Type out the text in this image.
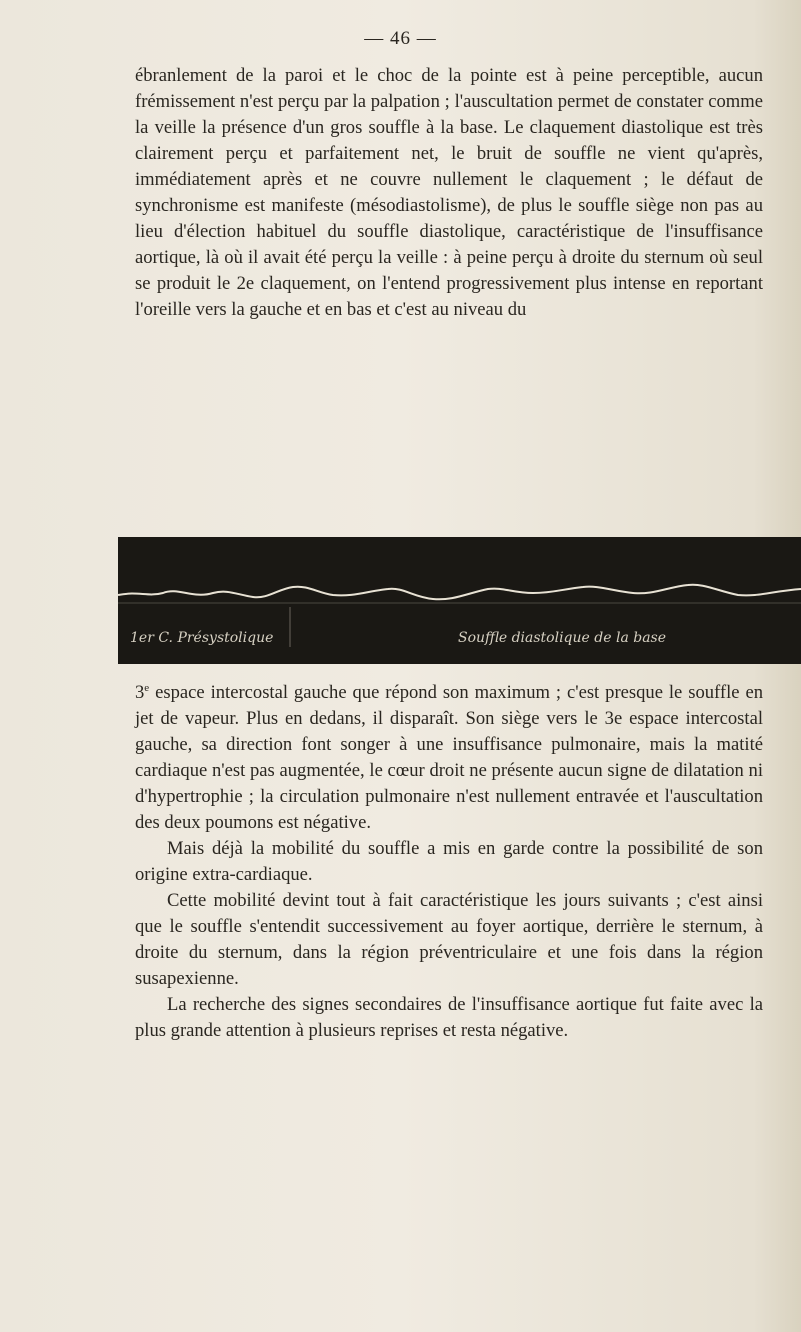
— 46 —

ébranlement de la paroi et le choc de la pointe est à peine perceptible, aucun frémissement n'est perçu par la palpation ; l'auscultation permet de constater comme la veille la présence d'un gros souffle à la base. Le claquement diastolique est très clairement perçu et parfaitement net, le bruit de souffle ne vient qu'après, immédiatement après et ne couvre nullement le claquement ; le défaut de synchronisme est manifeste (mésodiastolisme), de plus le souffle siège non pas au lieu d'élection habituel du souffle diastolique, caractéristique de l'insuffisance aortique, là où il avait été perçu la veille : à peine perçu à droite du sternum où seul se produit le 2e claquement, on l'entend progressivement plus intense en reportant l'oreille vers la gauche et en bas et c'est au niveau du

1er C. Présystolique	Souffle diastolique de la base

3e espace intercostal gauche que répond son maximum ; c'est presque le souffle en jet de vapeur. Plus en dedans, il disparaît. Son siège vers le 3e espace intercostal gauche, sa direction font songer à une insuffisance pulmonaire, mais la matité cardiaque n'est pas augmentée, le cœur droit ne présente aucun signe de dilatation ni d'hypertrophie ; la circulation pulmonaire n'est nullement entravée et l'auscultation des deux poumons est négative.

Mais déjà la mobilité du souffle a mis en garde contre la possibilité de son origine extra-cardiaque.

Cette mobilité devint tout à fait caractéristique les jours suivants ; c'est ainsi que le souffle s'entendit successivement au foyer aortique, derrière le sternum, à droite du sternum, dans la région préventriculaire et une fois dans la région susapexienne.

La recherche des signes secondaires de l'insuffisance aortique fut faite avec la plus grande attention à plusieurs reprises et resta négative.
